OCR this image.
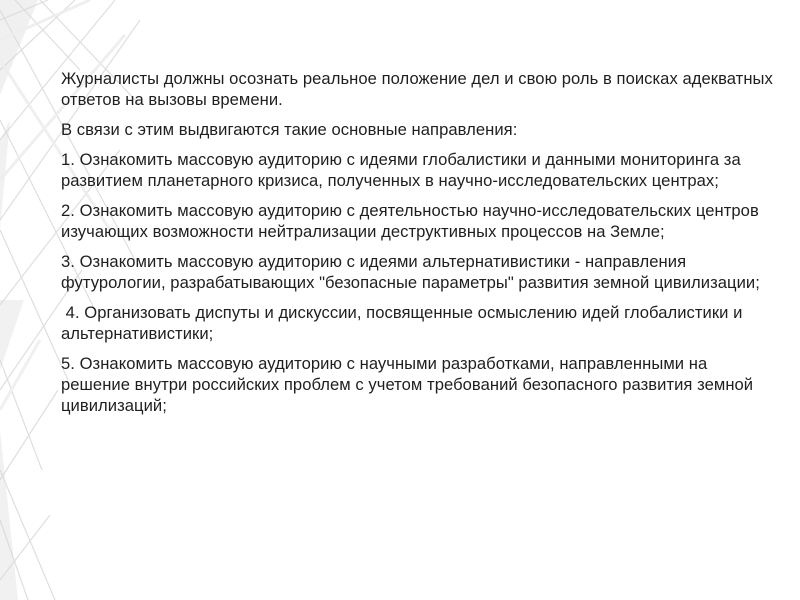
Журналисты должны осознать реальное положение дел и свою роль в поисках адекватных ответов на вызовы времени.

В связи с этим выдвигаются такие основные направления:

1. Ознакомить массовую аудиторию с идеями глобалистики и данными мониторинга за развитием планетарного кризиса, полученных в научно-исследовательских центрах;

2. Ознакомить массовую аудиторию с деятельностью научно-исследовательских центров изучающих возможности нейтрализации деструктивных процессов на Земле;

3. Ознакомить массовую аудиторию с идеями альтернативистики - направления футурологии, разрабатывающих "безопасные параметры" развития земной цивилизации;

4. Организовать диспуты и дискуссии, посвященные осмыслению идей глобалистики и альтернативистики;

5. Ознакомить массовую аудиторию с научными разработками, направленными на решение внутри российских проблем с учетом требований безопасного развития земной цивилизаций;
